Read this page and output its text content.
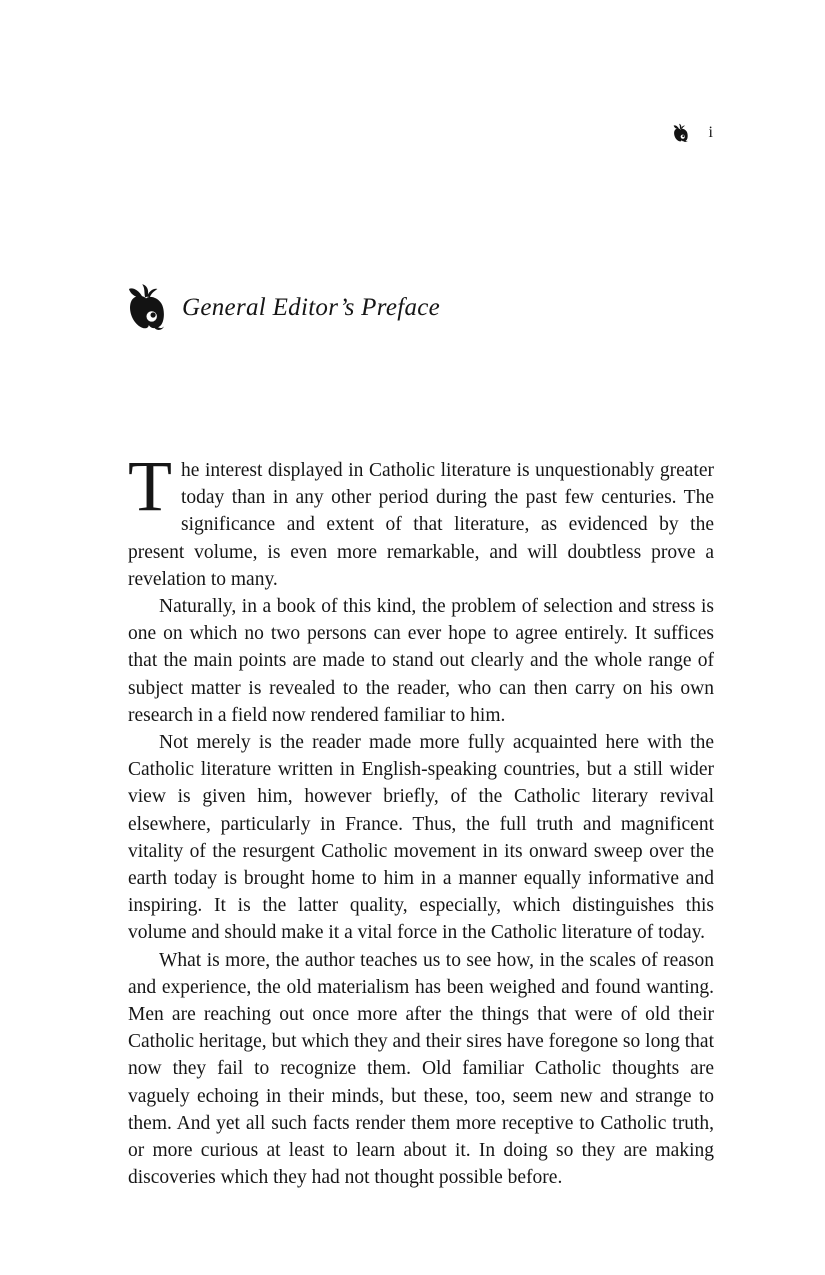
i
General Editor’s Preface

The interest displayed in Catholic literature is unquestionably greater today than in any other period during the past few centuries. The significance and extent of that literature, as evidenced by the present volume, is even more remarkable, and will doubtless prove a revelation to many.

Naturally, in a book of this kind, the problem of selection and stress is one on which no two persons can ever hope to agree entirely. It suffices that the main points are made to stand out clearly and the whole range of subject matter is revealed to the reader, who can then carry on his own research in a field now rendered familiar to him.

Not merely is the reader made more fully acquainted here with the Catholic literature written in English-speaking countries, but a still wider view is given him, however briefly, of the Catholic literary revival elsewhere, particularly in France. Thus, the full truth and magnificent vitality of the resurgent Catholic movement in its onward sweep over the earth today is brought home to him in a manner equally informative and inspiring. It is the latter quality, especially, which distinguishes this volume and should make it a vital force in the Catholic literature of today.

What is more, the author teaches us to see how, in the scales of reason and experience, the old materialism has been weighed and found wanting. Men are reaching out once more after the things that were of old their Catholic heritage, but which they and their sires have foregone so long that now they fail to recognize them. Old familiar Catholic thoughts are vaguely echoing in their minds, but these, too, seem new and strange to them. And yet all such facts render them more receptive to Catholic truth, or more curious at least to learn about it. In doing so they are making discoveries which they had not thought possible before.
